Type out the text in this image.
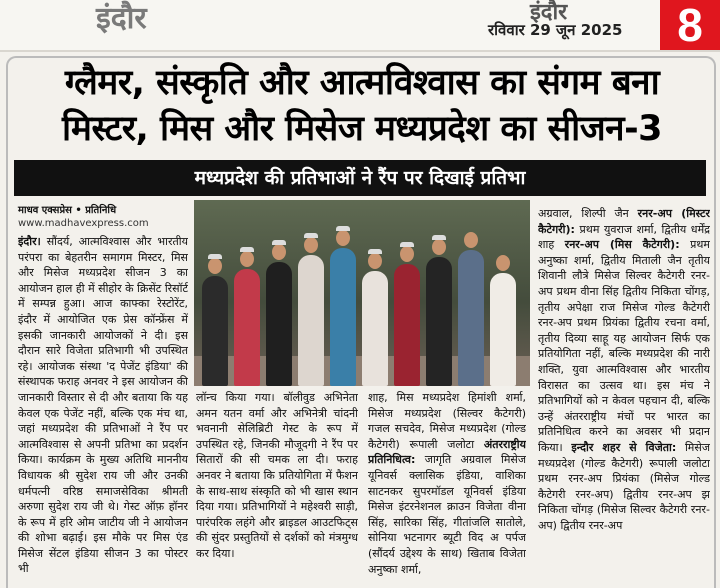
इंदौर	इंदौर
रविवार 29 जून 2025	8
ग्लैमर, संस्कृति और आत्मविश्वास का संगम बना
मिस्टर, मिस और मिसेज मध्यप्रदेश का सीजन-3
मध्यप्रदेश की प्रतिभाओं ने रैंप पर दिखाई प्रतिभा
माधव एक्सप्रेस • प्रतिनिधि
www.madhavexpress.com
इंदौर। सौंदर्य, आत्मविश्वास और भारतीय परंपरा का बेहतरीन समागम मिस्टर, मिस और मिसेज मध्यप्रदेश सीजन 3 का आयोजन हाल ही में सीहोर के क्रिसेंट रिसॉर्ट में सम्पन्न हुआ। आज काफ्का रेस्टोरेंट, इंदौर में आयोजित एक प्रेस कॉन्फ्रेंस में इसकी जानकारी आयोजकों ने दी। इस दौरान सारे विजेता प्रतिभागी भी उपस्थित रहे। आयोजक संस्था 'द पेजेंट इंडिया' की संस्थापक फराह अनवर ने इस आयोजन की जानकारी विस्तार से दी और बताया कि यह केवल एक पेजेंट नहीं, बल्कि एक मंच था, जहां मध्यप्रदेश की प्रतिभाओं ने रैंप पर आत्मविश्वास से अपनी प्रतिभा का प्रदर्शन किया। कार्यक्रम के मुख्य अतिथि माननीय विधायक श्री सुदेश राय जी और उनकी धर्मपत्नी वरिष्ठ समाजसेविका श्रीमती अरुणा सुदेश राय जी थे। गेस्ट ऑफ़ हॉनर के रूप में हरि ओम जाटीय जी ने आयोजन की शोभा बढ़ाई। इस मौके पर मिस एंड मिसेज सेंटल इंडिया सीजन 3 का पोस्टर भी
लॉन्च किया गया। बॉलीवुड अभिनेता अमन यतन वर्मा और अभिनेत्री चांदनी भवनानी सेलिब्रिटी गेस्ट के रूप में उपस्थित रहे, जिनकी मौजूदगी ने रैंप पर सितारों की सी चमक ला दी। फराह अनवर ने बताया कि प्रतियोगिता में फैशन के साथ-साथ संस्कृति को भी खास स्थान दिया गया। प्रतिभागियों ने महेश्वरी साड़ी, पारंपरिक लहंगे और ब्राइडल आउटफिट्स की सुंदर प्रस्तुतियों से दर्शकों को मंत्रमुग्ध कर दिया।
शाह, मिस मध्यप्रदेश हिमांशी शर्मा, मिसेज मध्यप्रदेश (सिल्वर कैटेगरी) गजल सचदेव, मिसेज मध्यप्रदेश (गोल्ड कैटेगरी) रूपाली जलोटा अंतरराष्ट्रीय प्रतिनिधित्व: जागृति अग्रवाल मिसेज यूनिवर्स क्लासिक इंडिया, वाशिका साटनकर सुपरमॉडल यूनिवर्स इंडिया मिसेज इंटरनेशनल क्राउन विजेता वीना सिंह, सारिका सिंह, गीतांजलि सातोले, सोनिया भटनागर ब्यूटी विद अ पर्पज (सौंदर्य उद्देश्य के साथ) खिताब विजेता अनुष्का शर्मा,
अग्रवाल, शिल्पी जैन रनर-अप (मिस्टर कैटेगरी): प्रथम युवराज शर्मा, द्वितीय धर्मेंद्र शाह रनर-अप (मिस कैटेगरी): प्रथम अनुष्का शर्मा, द्वितीय मिताली जैन तृतीय शिवानी लौत्रे मिसेज सिल्वर कैटेगरी रनर-अप प्रथम वीना सिंह द्वितीय निकिता चोंगड़, तृतीय अपेक्षा राज मिसेज गोल्ड कैटेगरी रनर-अप प्रथम प्रियंका द्वितीय रचना वर्मा, तृतीय दिव्या साहू यह आयोजन सिर्फ एक प्रतियोगिता नहीं, बल्कि मध्यप्रदेश की नारी शक्ति, युवा आत्मविश्वास और भारतीय विरासत का उत्सव था। इस मंच ने प्रतिभागियों को न केवल पहचान दी, बल्कि उन्हें अंतरराष्ट्रीय मंचों पर भारत का प्रतिनिधित्व करने का अवसर भी प्रदान किया। इन्दौर शहर से विजेता: मिसेज मध्यप्रदेश (गोल्ड कैटेगरी) रूपाली जलोटा प्रथम रनर-अप प्रियंका (मिसेज गोल्ड कैटेगरी रनर-अप) द्वितीय रनर-अप झ निकिता चोंगड़ (मिसेज सिल्वर कैटेगरी रनर-अप) द्वितीय रनर-अप
